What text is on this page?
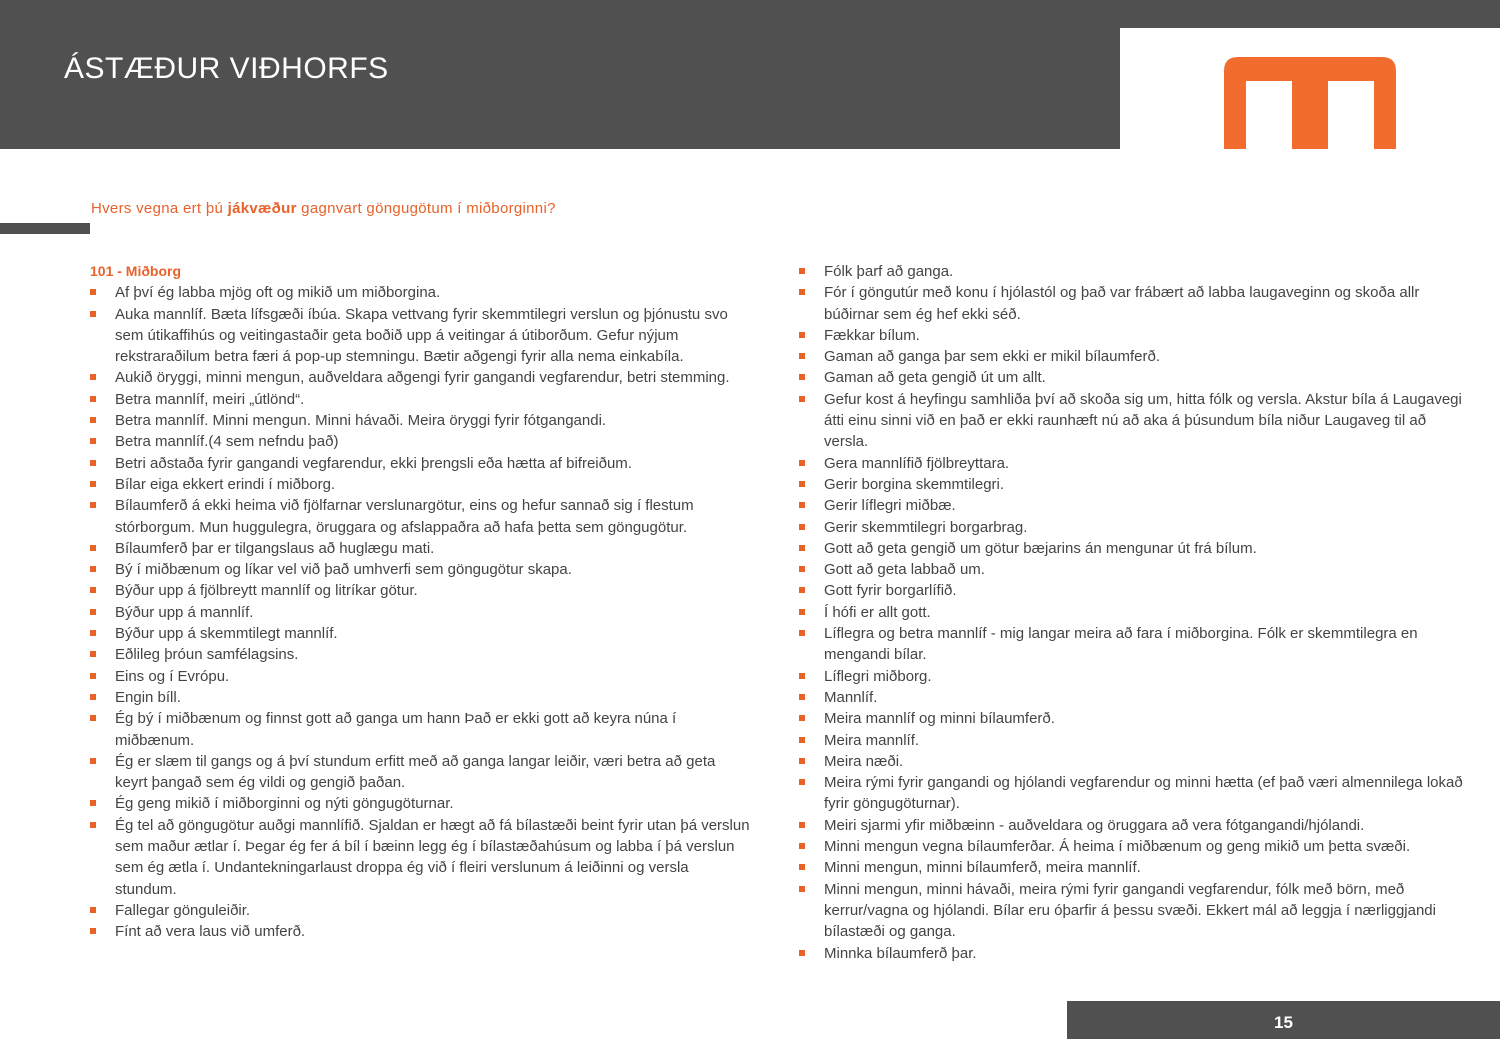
ÁSTÆÐUR VIÐHORFS
Hvers vegna ert þú jákvæður gagnvart göngugötum í miðborginni?

101 - Miðborg

Af því ég labba mjög oft og mikið um miðborgina.
Auka mannlíf. Bæta lífsgæði íbúa. Skapa vettvang fyrir skemmtilegri verslun og þjónustu svo sem útikaffihús og veitingastaðir geta boðið upp á veitingar á útiborðum. Gefur nýjum rekstraraðilum betra færi á pop-up stemningu. Bætir aðgengi fyrir alla nema einkabíla.
Aukið öryggi, minni mengun, auðveldara aðgengi fyrir gangandi vegfarendur, betri stemming.
Betra mannlíf, meiri „útlönd“.
Betra mannlíf. Minni mengun. Minni hávaði. Meira öryggi fyrir fótgangandi.
Betra mannlíf.(4 sem nefndu það)
Betri aðstaða fyrir gangandi vegfarendur, ekki þrengsli eða hætta af bifreiðum.
Bílar eiga ekkert erindi í miðborg.
Bílaumferð á ekki heima við fjölfarnar verslunargötur, eins og hefur sannað sig í flestum stórborgum. Mun huggulegra, öruggara og afslappaðra að hafa þetta sem göngugötur.
Bílaumferð þar er tilgangslaus að huglægu mati.
Bý í miðbænum og líkar vel við það umhverfi sem göngugötur skapa.
Býður upp á fjölbreytt mannlíf og litríkar götur.
Býður upp á mannlíf.
Býður upp á skemmtilegt mannlíf.
Eðlileg þróun samfélagsins.
Eins og í Evrópu.
Engin bíll.
Ég bý í miðbænum og finnst gott að ganga um hann Það er ekki gott að keyra núna í miðbænum.
Ég er slæm til gangs og á því stundum erfitt með að ganga langar leiðir, væri betra að geta keyrt þangað sem ég vildi og gengið þaðan.
Ég geng mikið í miðborginni og nýti göngugöturnar.
Ég tel að göngugötur auðgi mannlífið. Sjaldan er hægt að fá bílastæði beint fyrir utan þá verslun sem maður ætlar í. Þegar ég fer á bíl í bæinn legg ég í bílastæðahúsum og labba í þá verslun sem ég ætla í. Undantekningarlaust droppa ég við í fleiri verslunum á leiðinni og versla stundum.
Fallegar gönguleiðir.
Fínt að vera laus við umferð.
Fólk þarf að ganga.
Fór í göngutúr með konu í hjólastól og það var frábært að labba laugaveginn og skoða allr búðirnar sem ég hef ekki séð.
Fækkar bílum.
Gaman að ganga þar sem ekki er mikil bílaumferð.
Gaman að geta gengið út um allt.
Gefur kost á heyfingu samhliða því að skoða sig um, hitta fólk og versla. Akstur bíla á Laugavegi átti einu sinni við en það er ekki raunhæft nú að aka á þúsundum bíla niður Laugaveg til að versla.
Gera mannlífið fjölbreyttara.
Gerir borgina skemmtilegri.
Gerir líflegri miðbæ.
Gerir skemmtilegri borgarbrag.
Gott að geta gengið um götur bæjarins án mengunar út frá bílum.
Gott að geta labbað um.
Gott fyrir borgarlífið.
Í hófi er allt gott.
Líflegra og betra mannlíf - mig langar meira að fara í miðborgina. Fólk er skemmtilegra en mengandi bílar.
Líflegri miðborg.
Mannlíf.
Meira mannlíf og minni bílaumferð.
Meira mannlíf.
Meira næði.
Meira rými fyrir gangandi og hjólandi vegfarendur og minni hætta (ef það væri almennilega lokað fyrir göngugöturnar).
Meiri sjarmi yfir miðbæinn - auðveldara og öruggara að vera fótgangandi/hjólandi.
Minni mengun vegna bílaumferðar. Á heima í miðbænum og geng mikið um þetta svæði.
Minni mengun, minni bílaumferð, meira mannlíf.
Minni mengun, minni hávaði, meira rými fyrir gangandi vegfarendur, fólk með börn, með kerrur/vagna og hjólandi. Bílar eru óþarfir á þessu svæði. Ekkert mál að leggja í nærliggjandi bílastæði og ganga.
Minnka bílaumferð þar.
15
